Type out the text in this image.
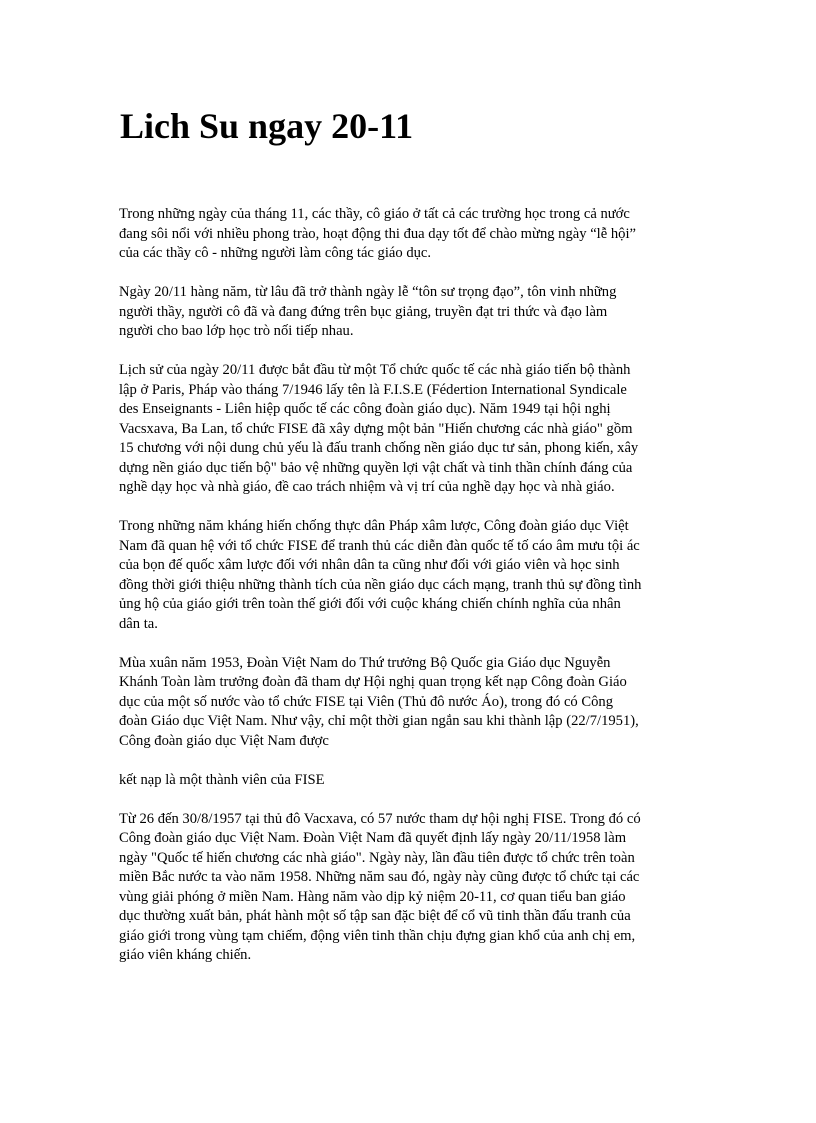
Lich Su ngay 20-11

Trong những ngày của tháng 11, các thầy, cô giáo ở tất cả các trường học trong cả nước
đang sôi nổi với nhiều phong trào, hoạt động thi đua dạy tốt để chào mừng ngày “lễ hội”
của các thầy cô - những người làm công tác giáo dục.

Ngày 20/11 hàng năm, từ lâu đã trở thành ngày lễ “tôn sư trọng đạo”, tôn vinh những
người thầy, người cô đã và đang đứng trên bục giảng, truyền đạt tri thức và đạo làm
người cho bao lớp học trò nối tiếp nhau.

Lịch sử của ngày 20/11 được bắt đầu từ một Tổ chức quốc tế các nhà giáo tiến bộ thành
lập ở Paris, Pháp vào tháng 7/1946 lấy tên là F.I.S.E (Fédertion International Syndicale
des Enseignants - Liên hiệp quốc tế các công đoàn giáo dục). Năm 1949 tại hội nghị
Vacsxava, Ba Lan, tổ chức FISE đã xây dựng một bản "Hiến chương các nhà giáo" gồm
15 chương với nội dung chủ yếu là đấu tranh chống nền giáo dục tư sản, phong kiến, xây
dựng nền giáo dục tiến bộ" bảo vệ những quyền lợi vật chất và tinh thần chính đáng của
nghề dạy học và nhà giáo, đề cao trách nhiệm và vị trí của nghề dạy học và nhà giáo.

Trong những năm kháng hiến chống thực dân Pháp xâm lược, Công đoàn giáo dục Việt
Nam đã quan hệ với tổ chức FISE để tranh thủ các diễn đàn quốc tế tố cáo âm mưu tội ác
của bọn đế quốc xâm lược đối với nhân dân ta cũng như đối với giáo viên và học sinh
đồng thời giới thiệu những thành tích của nền giáo dục cách mạng, tranh thủ sự đồng tình
ủng hộ của giáo giới trên toàn thế giới đối với cuộc kháng chiến chính nghĩa của nhân
dân ta.

Mùa xuân năm 1953, Đoàn Việt Nam do Thứ trưởng Bộ Quốc gia Giáo dục Nguyễn
Khánh Toàn làm trưởng đoàn đã tham dự Hội nghị quan trọng kết nạp Công đoàn Giáo
dục của một số nước vào tổ chức FISE tại Viên (Thủ đô nước Áo), trong đó có Công
đoàn Giáo dục Việt Nam. Như vậy, chỉ một thời gian ngắn sau khi thành lập (22/7/1951),
Công đoàn giáo dục Việt Nam được

kết nạp là một thành viên của FISE

Từ 26 đến 30/8/1957 tại thủ đô Vacxava, có 57 nước tham dự hội nghị FISE. Trong đó có
Công đoàn giáo dục Việt Nam. Đoàn Việt Nam đã quyết định lấy ngày 20/11/1958 làm
ngày "Quốc tế hiến chương các nhà giáo". Ngày này, lần đầu tiên được tổ chức trên toàn
miền Bắc nước ta vào năm 1958. Những năm sau đó, ngày này cũng được tổ chức tại các
vùng giải phóng ở miền Nam. Hàng năm vào dịp kỷ niệm 20-11, cơ quan tiểu ban giáo
dục thường xuất bản, phát hành một số tập san đặc biệt để cổ vũ tinh thần đấu tranh của
giáo giới trong vùng tạm chiếm, động viên tinh thần chịu đựng gian khổ của anh chị em,
giáo viên kháng chiến.
